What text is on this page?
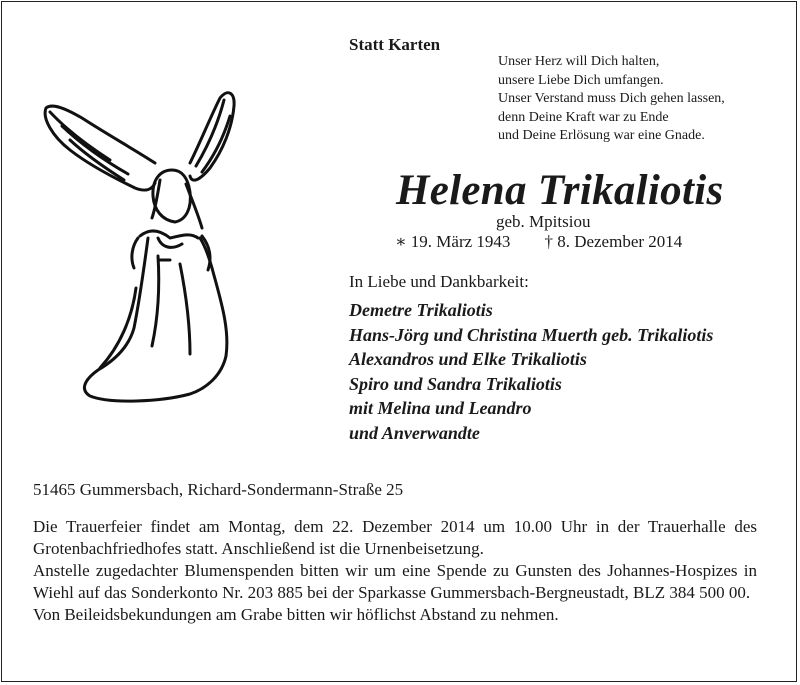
Statt Karten
Unser Herz will Dich halten,
unsere Liebe Dich umfangen.
Unser Verstand muss Dich gehen lassen,
denn Deine Kraft war zu Ende
und Deine Erlösung war eine Gnade.
Helena Trikaliotis
geb. Mpitsiou
∗ 19. März 1943 † 8. Dezember 2014
In Liebe und Dankbarkeit:
Demetre Trikaliotis
Hans-Jörg und Christina Muerth geb. Trikaliotis
Alexandros und Elke Trikaliotis
Spiro und Sandra Trikaliotis
mit Melina und Leandro
und Anverwandte
51465 Gummersbach, Richard-Sondermann-Straße 25

Die Trauerfeier findet am Montag, dem 22. Dezember 2014 um 10.00 Uhr in der Trauerhalle des Grotenbachfriedhofes statt. Anschließend ist die Urnenbeisetzung.

Anstelle zugedachter Blumenspenden bitten wir um eine Spende zu Gunsten des Johannes-Hospizes in Wiehl auf das Sonderkonto Nr. 203 885 bei der Sparkasse Gummersbach-Bergneustadt, BLZ 384 500 00.

Von Beileidsbekundungen am Grabe bitten wir höflichst Abstand zu nehmen.
